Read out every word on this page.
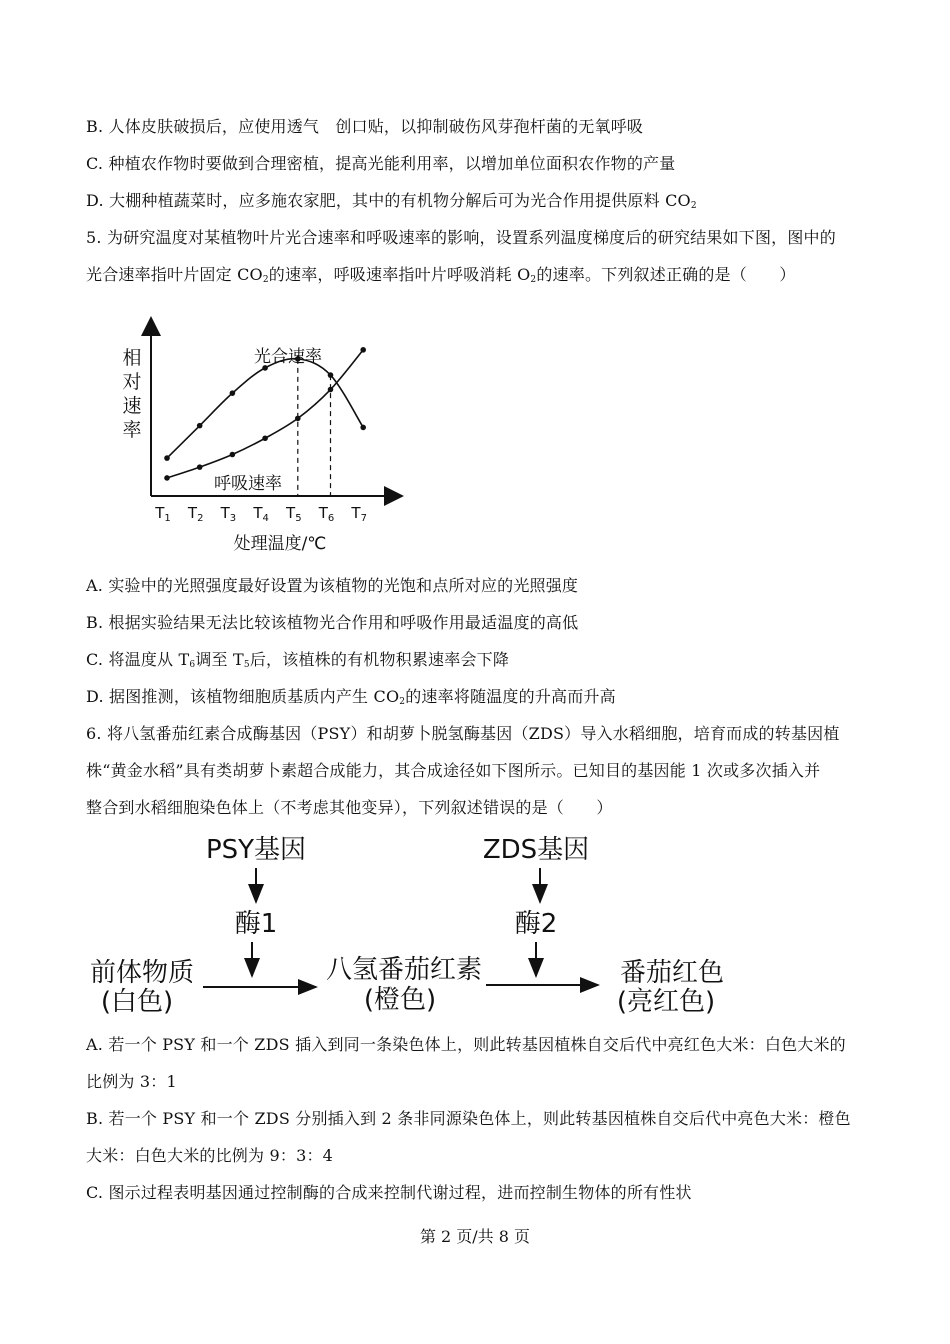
B. 人体皮肤破损后，应使用透气　创口贴，以抑制破伤风芽孢杆菌的无氧呼吸
C. 种植农作物时要做到合理密植，提高光能利用率，以增加单位面积农作物的产量
D. 大棚种植蔬菜时，应多施农家肥，其中的有机物分解后可为光合作用提供原料 $CO_2$
5. 为研究温度对某植物叶片光合速率和呼吸速率的影响，设置系列温度梯度后的研究结果如下图，图中的
光合速率指叶片固定 $CO_2$的速率，呼吸速率指叶片呼吸消耗 $O_2$的速率。下列叙述正确的是（　　）
相
对
速
率
光合速率
呼吸速率
$T_1$ $T_2$ $T_3$ $T_4$ $T_5$ $T_6$ $T_7$
处理温度/℃
A. 实验中的光照强度最好设置为该植物的光饱和点所对应的光照强度
B. 根据实验结果无法比较该植物光合作用和呼吸作用最适温度的高低
C. 将温度从 $T_6$调至 $T_5$后，该植株的有机物积累速率会下降
D. 据图推测，该植物细胞质基质内产生 $CO_2$的速率将随温度的升高而升高
6. 将八氢番茄红素合成酶基因（PSY）和胡萝卜脱氢酶基因（ZDS）导入水稻细胞，培育而成的转基因植
株“黄金水稻”具有类胡萝卜素超合成能力，其合成途径如下图所示。已知目的基因能 1 次或多次插入并
整合到水稻细胞染色体上（不考虑其他变异），下列叙述错误的是（　　）
PSY基因
酶1
ZDS基因
酶2
前体物质
(白色)
八氢番茄红素
(橙色)
番茄红色
(亮红色)
A. 若一个 PSY 和一个 ZDS 插入到同一条染色体上，则此转基因植株自交后代中亮红色大米：白色大米的
比例为 3：1
B. 若一个 PSY 和一个 ZDS 分别插入到 2 条非同源染色体上，则此转基因植株自交后代中亮色大米：橙色
大米：白色大米的比例为 9：3：4
C. 图示过程表明基因通过控制酶的合成来控制代谢过程，进而控制生物体的所有性状
第 2 页/共 8 页
